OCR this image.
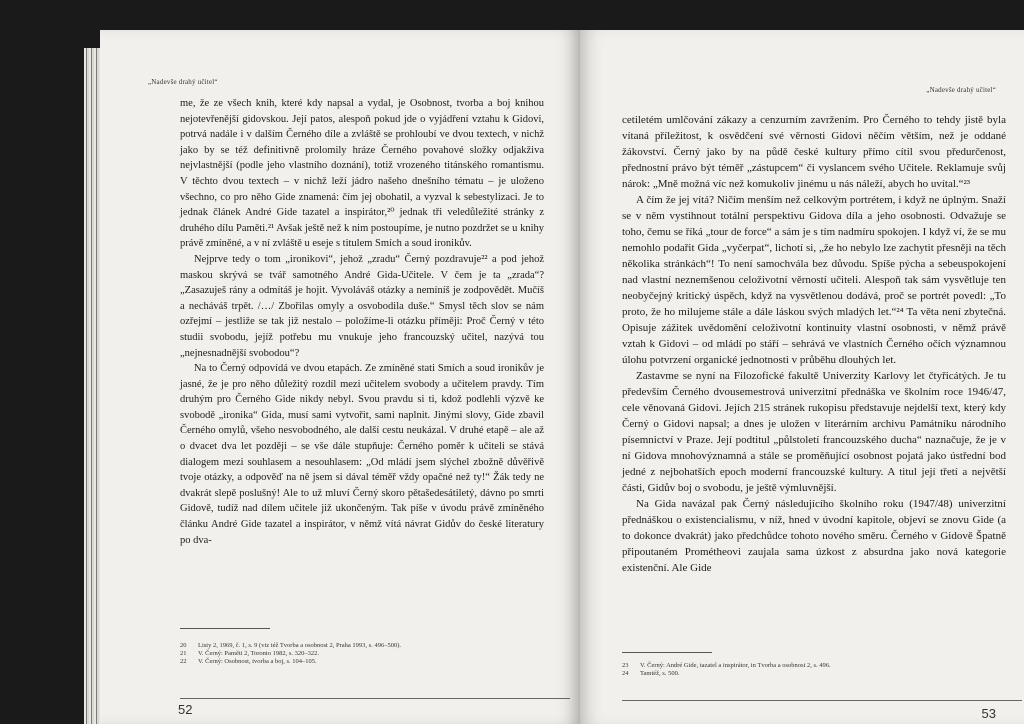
„Nadevše drahý učitel“

me, že ze všech knih, které kdy napsal a vydal, je Osobnost, tvorba a boj knihou nejotevřenější gidovskou. Její patos, alespoň pokud jde o vyjádření vztahu k Gidovi, potrvá nadále i v dalším Černého díle a zvláště se prohloubí ve dvou textech, v nichž jako by se též definitivně prolomily hráze Černého povahové složky odjakživa nejvlastnější (podle jeho vlastního doznání), totiž vrozeného titánského romantismu. V těchto dvou textech – v nichž leží jádro našeho dnešního tématu – je uloženo všechno, co pro něho Gide znamená: čím jej obohatil, a vyzval k sebestylizaci. Je to jednak článek André Gide tazatel a inspirátor,²⁰ jednak tři veledůležité stránky z druhého dílu Paměti.²¹ Avšak ještě než k nim postoupíme, je nutno pozdržet se u knihy právě zmíněné, a v ní zvláště u eseje s titulem Smích a soud ironikův.

Nejprve tedy o tom „ironikovi“, jehož „zradu“ Černý pozdravuje²² a pod jehož maskou skrývá se tvář samotného André Gida-Učitele. V čem je ta „zrada“? „Zasazuješ rány a odmítáš je hojit. Vyvoláváš otázky a nemíníš je zodpovědět. Mučíš a necháváš trpět. /…/ Zbořilas omyly a osvobodila duše.“ Smysl těch slov se nám ozřejmí – jestliže se tak již nestalo – položíme-li otázku příměji: Proč Černý v této studii svobodu, jejíž potřebu mu vnukuje jeho francouzský učitel, nazývá tou „nejnesnadnější svobodou“?

Na to Černý odpovídá ve dvou etapách. Ze zmíněné stati Smích a soud ironikův je jasné, že je pro něho důležitý rozdíl mezi učitelem svobody a učitelem pravdy. Tím druhým pro Černého Gide nikdy nebyl. Svou pravdu si ti, kdož podlehli výzvě ke svobodě „ironika“ Gida, musí sami vytvořit, sami naplnit. Jinými slovy, Gide zbavil Černého omylů, všeho nesvobodného, ale další cestu neukázal. V druhé etapě – ale až o dvacet dva let později – se vše dále stupňuje: Černého poměr k učiteli se stává dialogem mezi souhlasem a nesouhlasem: „Od mládí jsem slýchel zbožně důvěřivě tvoje otázky, a odpověď na ně jsem si dával téměř vždy opačné než ty!“ Žák tedy ne dvakrát slepě poslušný! Ale to už mluví Černý skoro pětašedesátiletý, dávno po smrti Gidově, tudíž nad dílem učitele již ukončeným. Tak píše v úvodu právě zmíněného článku André Gide tazatel a inspirátor, v němž vítá návrat Gidův do české literatury po dva-

20	Listy 2, 1969, č. 1, s. 9 (viz též Tvorba a osobnost 2, Praha 1993, s. 496–500).
21	V. Černý: Paměti 2, Toronto 1982, s. 320–322.
22	V. Černý: Osobnost, tvorba a boj, s. 104–105.
52
„Nadevše drahý učitel“

cetiletém umlčování zákazy a cenzurním zavržením. Pro Černého to tehdy jistě byla vítaná příležitost, k osvědčení své věrnosti Gidovi něčím větším, než je oddané žákovství. Černý jako by na půdě české kultury přímo cítil svou předurčenost, přednostní právo být téměř „zástupcem“ či vyslancem svého Učitele. Reklamuje svůj nárok: „Mně možná víc než komukoliv jinému u nás náleží, abych ho uvítal.“²³

A čím že jej vítá? Ničím menším než celkovým portrétem, i když ne úplným. Snaží se v něm vystihnout totální perspektivu Gidova díla a jeho osobnosti. Odvažuje se toho, čemu se říká „tour de force“ a sám je s tím nadmíru spokojen. I když ví, že se mu nemohlo podařit Gida „vyčerpat“, lichotí si, „že ho nebylo lze zachytit přesněji na těch několika stránkách“! To není samochvála bez důvodu. Spíše pýcha a sebeuspokojení nad vlastní neznemšenou celoživotní věrností učiteli. Alespoň tak sám vysvětluje ten neobyčejný kritický úspěch, když na vysvětlenou dodává, proč se portrét povedl: „To proto, že ho milujeme stále a dále láskou svých mladých let.“²⁴ Ta věta není zbytečná. Opisuje zážitek uvědomění celoživotní kontinuity vlastní osobnosti, v němž právě vztah k Gidovi – od mládí po stáří – sehrává ve vlastních Černého očích významnou úlohu potvrzení organické jednotnosti v průběhu dlouhých let.

Zastavme se nyní na Filozofické fakultě Univerzity Karlovy let čtyřicátých. Je tu především Černého dvousemestrová univerzitní přednáška ve školním roce 1946/47, cele věnovaná Gidovi. Jejích 215 stránek rukopisu představuje nejdelší text, který kdy Černý o Gidovi napsal; a dnes je uložen v literárním archivu Památníku národního písemnictví v Praze. Její podtitul „půlstoletí francouzského ducha“ naznačuje, že je v ní Gidova mnohovýznamná a stále se proměňující osobnost pojatá jako ústřední bod jedné z nejbohatších epoch moderní francouzské kultury. A titul její třetí a největší části, Gidův boj o svobodu, je ještě výmluvnější.

Na Gida navázal pak Černý následujícího školního roku (1947/48) univerzitní přednáškou o existencialismu, v níž, hned v úvodní kapitole, objeví se znovu Gide (a to dokonce dvakrát) jako předchůdce tohoto nového směru. Černého v Gidově Špatně připoutaném Prométheovi zaujala sama úzkost z absurdna jako nová kategorie existenční. Ale Gide

23	V. Černý: André Gide, tazatel a inspirátor, in Tvorba a osobnost 2, s. 496.
24	Tamtéž, s. 500.
53
